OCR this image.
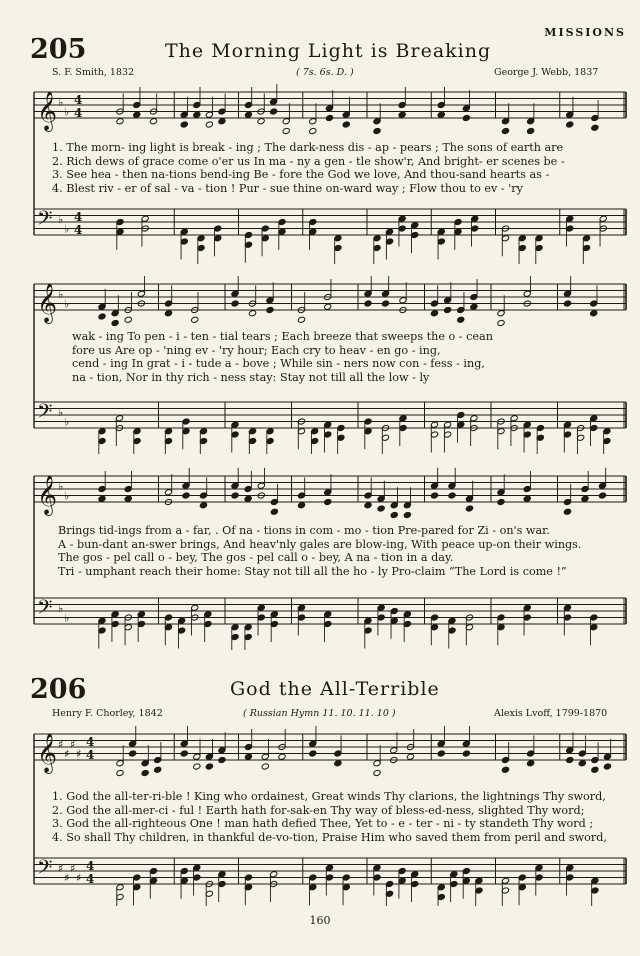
MISSIONS
205	The Morning Light is Breaking
S. F. Smith, 1832	( 7s. 6s. D. )	George J. Webb, 1837
𝄞 ♭
♭
4
4
𝄢 ♭
♭
4
4
1. The morn- ing light is break - ing ; The dark-ness dis - ap - pears ; The sons of earth are
2. Rich dews of grace come o'er us In ma - ny a gen - tle show'r, And bright- er scenes be -
3. See hea - then na-tions bend-ing Be - fore the God we love, And thou-sand hearts as -
4. Blest riv - er of sal - va - tion ! Pur - sue thine on-ward way ; Flow thou to ev - 'ry
𝄞 ♭
♭
𝄢 ♭
♭
wak - ing To pen - i - ten - tial tears ; Each breeze that sweeps the o - cean
fore us Are op - 'ning ev - 'ry hour; Each cry to heav - en go - ing,
cend - ing In grat - i - tude a - bove ; While sin - ners now con - fess - ing,
na - tion, Nor in thy rich - ness stay: Stay not till all the low - ly
𝄞 ♭
♭
𝄢 ♭
♭
Brings tid-ings from a - far, . Of na - tions in com - mo - tion Pre-pared for Zi - on's war.
A - bun-dant an-swer brings, And heav'nly gales are blow-ing, With peace up-on their wings.
The gos - pel call o - bey, The gos - pel call o - bey, A na - tion in a day.
Tri - umphant reach their home: Stay not till all the ho - ly Pro-claim “The Lord is come !”
206	God the All-Terrible
Henry F. Chorley, 1842	( Russian Hymn 11. 10. 11. 10 )	Alexis Lvoff, 1799-1870
𝄞 ♯
♯
♯
♯
4
4
𝄢 ♯
♯
♯
♯
4
4
1. God the all-ter-ri-ble ! King who ordainest, Great winds Thy clarions, the lightnings Thy sword,
2. God the all-mer-ci - ful ! Earth hath for-sak-en Thy way of bless-ed-ness, slighted Thy word;
3. God the all-righteous One ! man hath defied Thee, Yet to - e - ter - ni - ty standeth Thy word ;
4. So shall Thy children, in thankful de-vo-tion, Praise Him who saved them from peril and sword,
160
